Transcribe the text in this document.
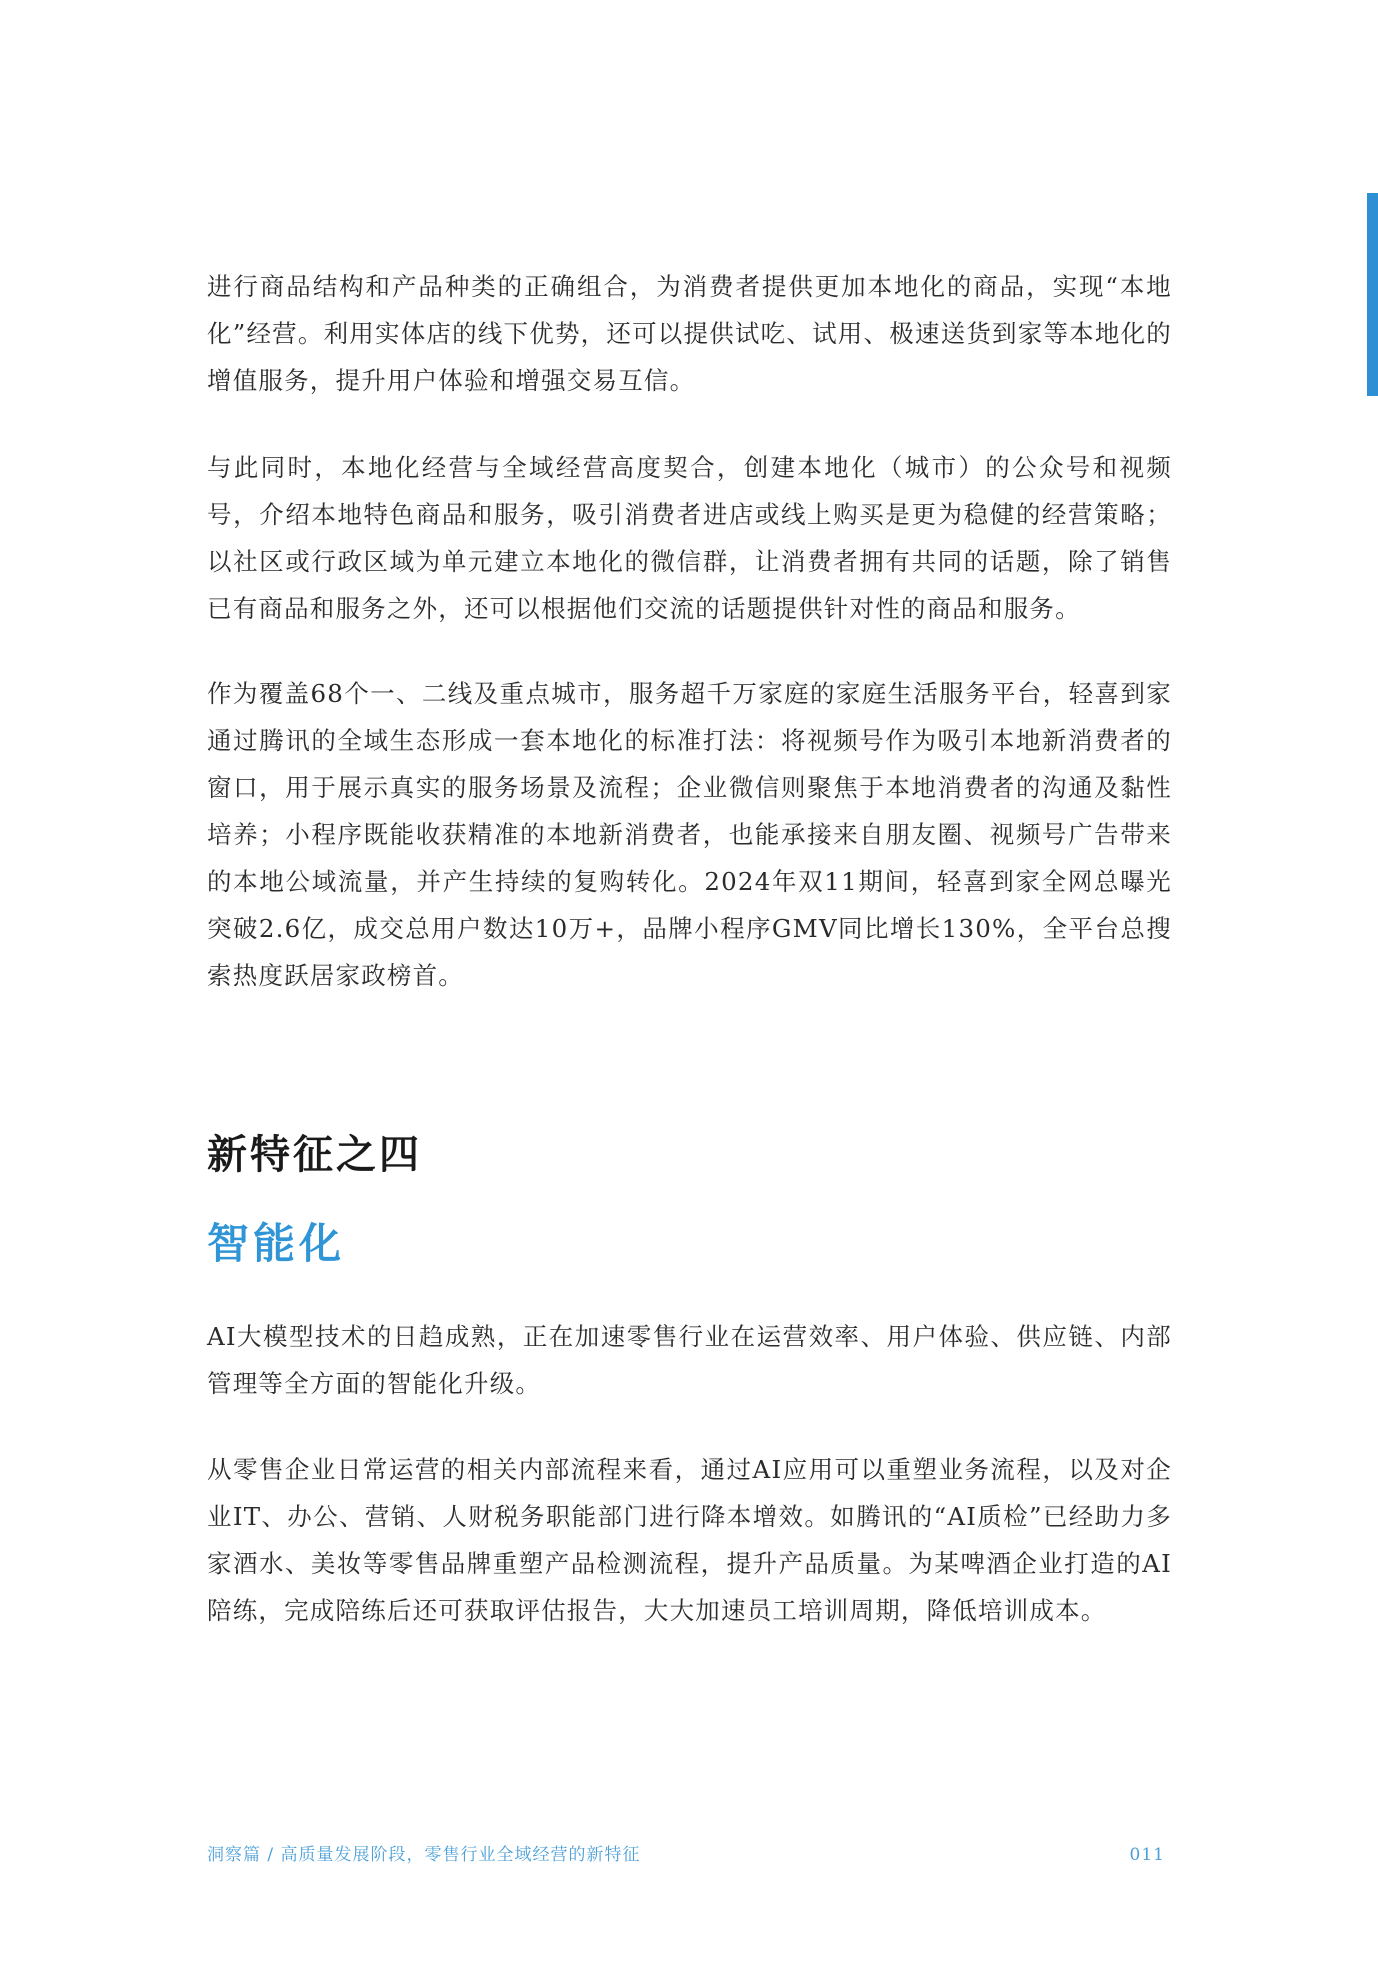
进行商品结构和产品种类的正确组合，为消费者提供更加本地化的商品，实现“本地化”经营。利用实体店的线下优势，还可以提供试吃、试用、极速送货到家等本地化的增值服务，提升用户体验和增强交易互信。

与此同时，本地化经营与全域经营高度契合，创建本地化（城市）的公众号和视频号，介绍本地特色商品和服务，吸引消费者进店或线上购买是更为稳健的经营策略；以社区或行政区域为单元建立本地化的微信群，让消费者拥有共同的话题，除了销售已有商品和服务之外，还可以根据他们交流的话题提供针对性的商品和服务。

作为覆盖68个一、二线及重点城市，服务超千万家庭的家庭生活服务平台，轻喜到家通过腾讯的全域生态形成一套本地化的标准打法：将视频号作为吸引本地新消费者的窗口，用于展示真实的服务场景及流程；企业微信则聚焦于本地消费者的沟通及黏性培养；小程序既能收获精准的本地新消费者，也能承接来自朋友圈、视频号广告带来的本地公域流量，并产生持续的复购转化。2024年双11期间，轻喜到家全网总曝光突破2.6亿，成交总用户数达10万+，品牌小程序GMV同比增长130%，全平台总搜索热度跃居家政榜首。

新特征之四
智能化

AI大模型技术的日趋成熟，正在加速零售行业在运营效率、用户体验、供应链、内部管理等全方面的智能化升级。

从零售企业日常运营的相关内部流程来看，通过AI应用可以重塑业务流程，以及对企业IT、办公、营销、人财税务职能部门进行降本增效。如腾讯的“AI质检”已经助力多家酒水、美妆等零售品牌重塑产品检测流程，提升产品质量。为某啤酒企业打造的AI陪练，完成陪练后还可获取评估报告，大大加速员工培训周期，降低培训成本。

洞察篇 / 高质量发展阶段，零售行业全域经营的新特征	011
